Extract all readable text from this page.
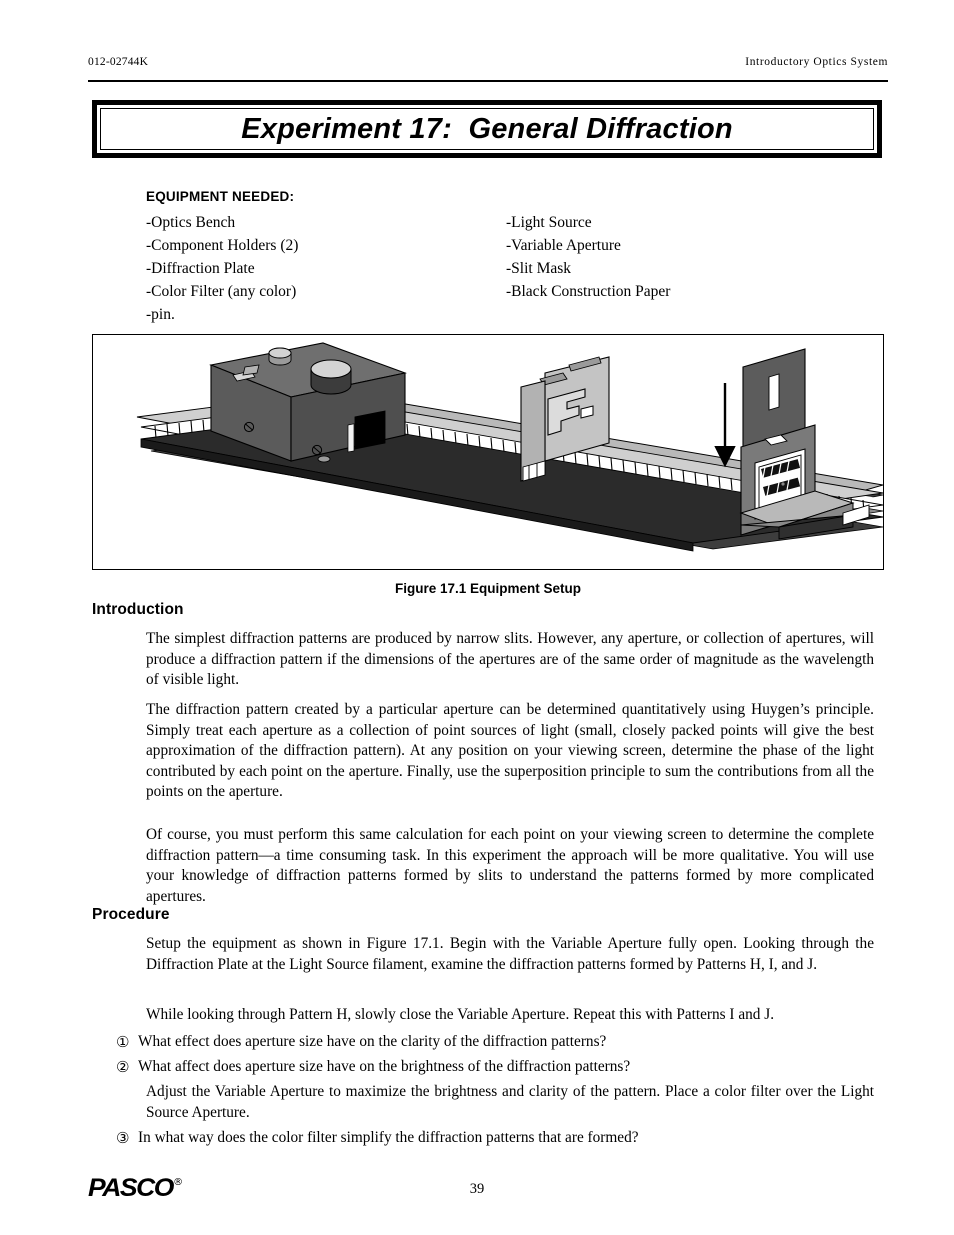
012-02744K	Introductory Optics System
Experiment 17:  General Diffraction
EQUIPMENT NEEDED:
-Optics Bench	-Light Source
-Component Holders (2)	-Variable Aperture
-Diffraction Plate	-Slit Mask
-Color Filter (any color)	-Black Construction Paper
-pin.
Figure 17.1 Equipment Setup
Introduction
The simplest diffraction patterns are produced by narrow slits. However, any aperture, or collection of apertures, will produce a diffraction pattern if the dimensions of the apertures are of the same order of magnitude as the wavelength of visible light.
The diffraction pattern created by a particular aperture can be determined quantitatively using Huygen’s principle. Simply treat each aperture as a collection of point sources of light (small, closely packed points will give the best approximation of the diffraction pattern). At any position on your viewing screen, determine the phase of the light contributed by each point on the aperture. Finally, use the superposition principle to sum the contributions from all the points on the aperture.
Of course, you must perform this same calculation for each point on your viewing screen to determine the complete diffraction pattern—a time consuming task. In this experiment the approach will be more qualitative. You will use your knowledge of diffraction patterns formed by slits to understand the patterns formed by more complicated apertures.
Procedure
Setup the equipment as shown in Figure 17.1. Begin with the Variable Aperture fully open. Looking through the Diffraction Plate at the Light Source filament, examine the diffraction patterns formed by Patterns H, I, and J.
While looking through Pattern H, slowly close the Variable Aperture. Repeat this with Patterns I and J.
① What effect does aperture size have on the clarity of the diffraction patterns?
② What affect does aperture size have on the brightness of the diffraction patterns?
Adjust the Variable Aperture to maximize the brightness and clarity of the pattern. Place a color filter over the Light Source Aperture.
③ In what way does the color filter simplify the diffraction patterns that are formed?
PASCO ®	39
